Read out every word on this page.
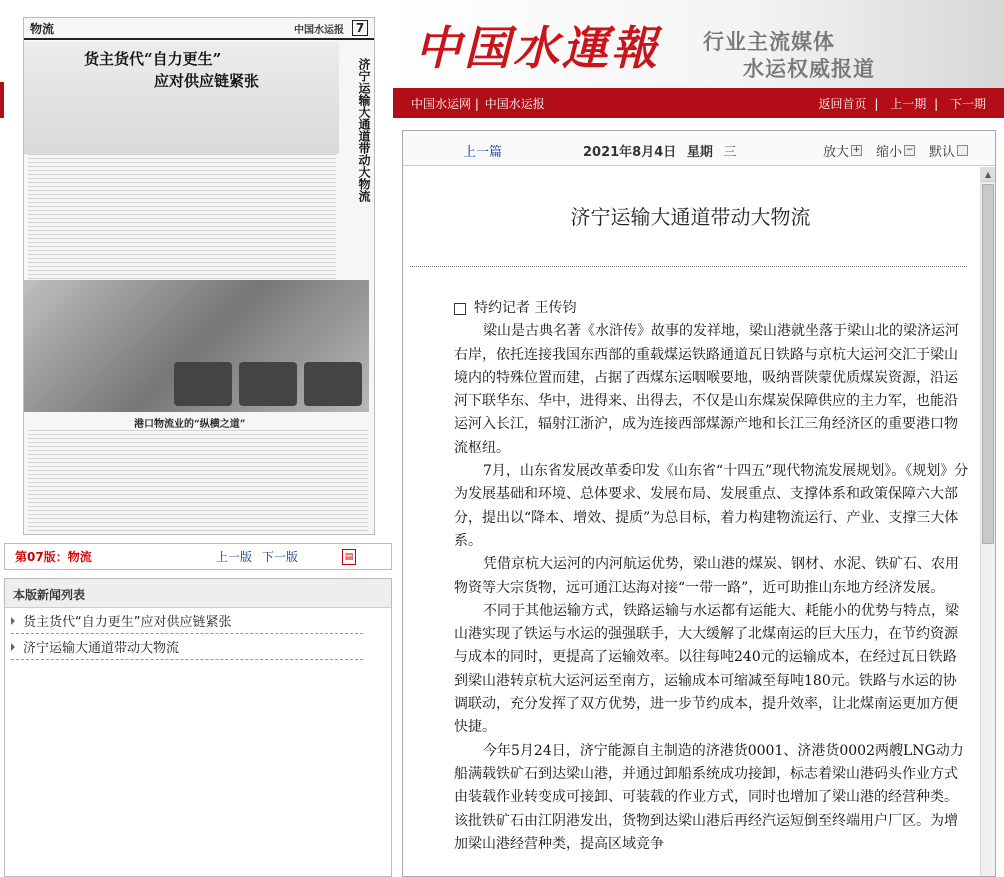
物流	中国水运报 7
货主货代“自力更生”
应对供应链紧张	济宁运输大通道带动大物流
港口物流业的“纵横之道”
第07版：物流	上一版 下一版	▤
本版新闻列表
货主货代“自力更生”应对供应链紧张
济宁运输大通道带动大物流
中国水運報 行业主流媒体
水运权威报道
中国水运网 | 中国水运报	返回首页 | 上一期 | 下一期
上一篇	2021年8月4日 星期 三	放大 + 缩小 − 默认
济宁运输大通道带动大物流

特约记者 王传钧

梁山是古典名著《水浒传》故事的发祥地，梁山港就坐落于梁山北的梁济运河右岸，依托连接我国东西部的重载煤运铁路通道瓦日铁路与京杭大运河交汇于梁山境内的特殊位置而建，占据了西煤东运咽喉要地，吸纳晋陕蒙优质煤炭资源，沿运河下联华东、华中，进得来、出得去，不仅是山东煤炭保障供应的主力军，也能沿运河入长江，辐射江浙沪，成为连接西部煤源产地和长江三角经济区的重要港口物流枢纽。

7月，山东省发展改革委印发《山东省“十四五”现代物流发展规划》。《规划》分为发展基础和环境、总体要求、发展布局、发展重点、支撑体系和政策保障六大部分，提出以“降本、增效、提质”为总目标，着力构建物流运行、产业、支撑三大体系。

凭借京杭大运河的内河航运优势，梁山港的煤炭、钢材、水泥、铁矿石、农用物资等大宗货物，远可通江达海对接“一带一路”，近可助推山东地方经济发展。

不同于其他运输方式，铁路运输与水运都有运能大、耗能小的优势与特点，梁山港实现了铁运与水运的强强联手，大大缓解了北煤南运的巨大压力，在节约资源与成本的同时，更提高了运输效率。以往每吨240元的运输成本，在经过瓦日铁路到梁山港转京杭大运河运至南方，运输成本可缩减至每吨180元。铁路与水运的协调联动，充分发挥了双方优势，进一步节约成本，提升效率，让北煤南运更加方便快捷。

今年5月24日，济宁能源自主制造的济港货0001、济港货0002两艘LNG动力船满载铁矿石到达梁山港，并通过卸船系统成功接卸，标志着梁山港码头作业方式由装载作业转变成可接卸、可装载的作业方式，同时也增加了梁山港的经营种类。该批铁矿石由江阴港发出，货物到达梁山港后再经汽运短倒至终端用户厂区。为增加梁山港经营种类，提高区域竞争

▲
